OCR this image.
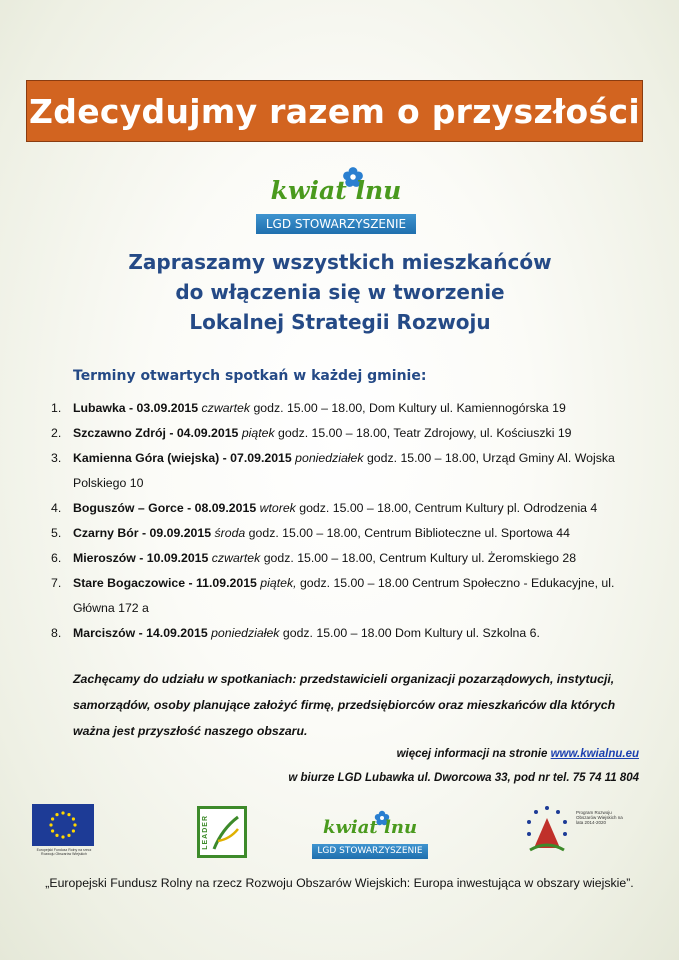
Zdecydujmy razem o przyszłości
kwiat lnu
LGD STOWARZYSZENIE
Zapraszamy wszystkich mieszkańców
do włączenia się w tworzenie
Lokalnej Strategii Rozwoju
Terminy otwartych spotkań w każdej gminie:
1. Lubawka - 03.09.2015 czwartek godz. 15.00 – 18.00, Dom Kultury ul. Kamiennogórska 19
2. Szczawno Zdrój - 04.09.2015 piątek godz. 15.00 – 18.00, Teatr Zdrojowy, ul. Kościuszki 19
3. Kamienna Góra (wiejska) - 07.09.2015 poniedziałek godz. 15.00 – 18.00, Urząd Gminy Al. Wojska Polskiego 10
4. Boguszów – Gorce - 08.09.2015 wtorek godz. 15.00 – 18.00, Centrum Kultury pl. Odrodzenia 4
5. Czarny Bór - 09.09.2015 środa godz. 15.00 – 18.00, Centrum Biblioteczne ul. Sportowa 44
6. Mieroszów - 10.09.2015 czwartek godz. 15.00 – 18.00, Centrum Kultury ul. Żeromskiego 28
7. Stare Bogaczowice - 11.09.2015 piątek, godz. 15.00 – 18.00 Centrum Społeczno - Edukacyjne, ul. Główna 172 a
8. Marciszów - 14.09.2015 poniedziałek godz. 15.00 – 18.00 Dom Kultury ul. Szkolna 6.
Zachęcamy do udziału w spotkaniach: przedstawicieli organizacji pozarządowych, instytucji, samorządów, osoby planujące założyć firmę, przedsiębiorców oraz mieszkańców dla których ważna jest przyszłość naszego obszaru.
więcej informacji na stronie www.kwialnu.eu
w biurze LGD Lubawka ul. Dworcowa 33, pod nr tel. 75 74 11 804
Europejski Fundusz Rolny na rzecz Rozwoju Obszarów Wiejskich
LEADER	kwiat lnu
LGD STOWARZYSZENIE
Program Rozwoju Obszarów Wiejskich na lata 2014-2020
„Europejski Fundusz Rolny na rzecz Rozwoju Obszarów Wiejskich: Europa inwestująca w obszary wiejskie”.
